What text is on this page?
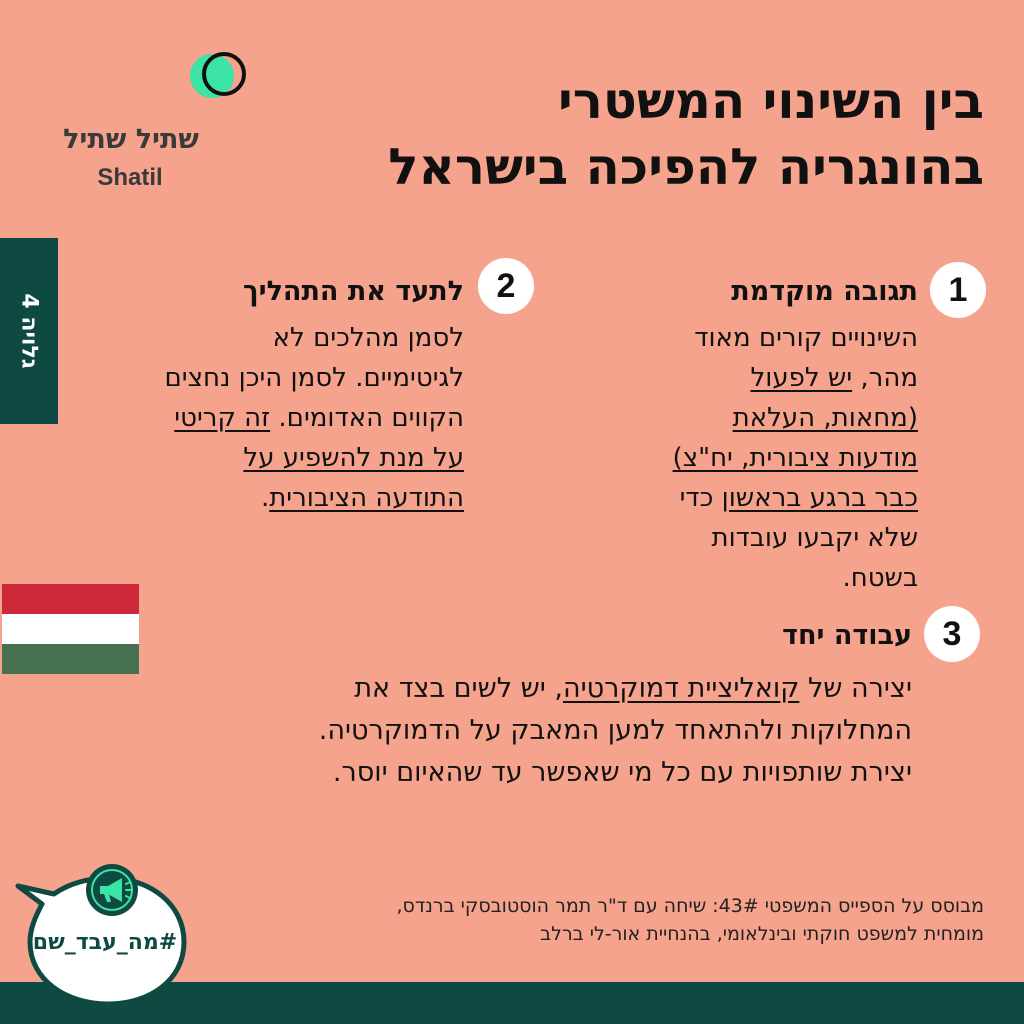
בין השינוי המשטרי
בהונגריה להפיכה בישראל
שתיל שתיל
Shatil
גלויה 4
1
תגובה מוקדמת
השינויים קורים מאוד מהר, יש לפעול (מחאות, העלאת מודעות ציבורית, יח"צ) כבר ברגע בראשון כדי שלא יקבעו עובדות בשטח.
2
לתעד את התהליך
לסמן מהלכים לא לגיטימיים. לסמן היכן נחצים הקווים האדומים. זה קריטי על מנת להשפיע על התודעה הציבורית.
3
עבודה יחד
יצירה של קואליציית דמוקרטיה, יש לשים בצד את המחלוקות ולהתאחד למען המאבק על הדמוקרטיה. יצירת שותפויות עם כל מי שאפשר עד שהאיום יוסר.
מבוסס על הספייס המשפטי 43#: שיחה עם ד"ר תמר הוסטובסקי ברנדס,
מומחית למשפט חוקתי ובינלאומי, בהנחיית אור-לי ברלב
#מה_עבד_שם
